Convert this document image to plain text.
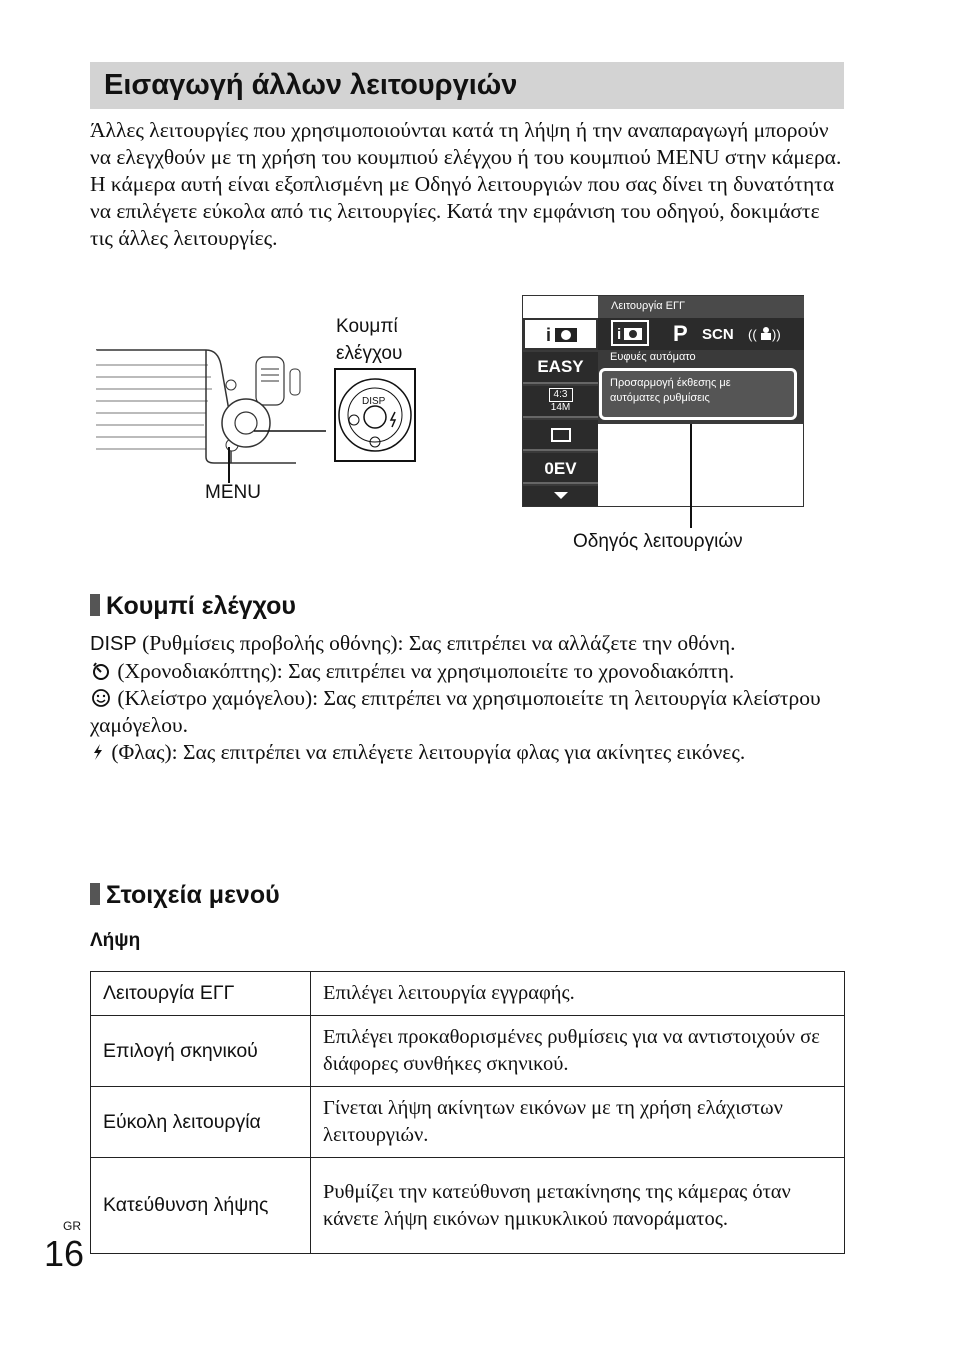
Εισαγωγή άλλων λειτουργιών

Άλλες λειτουργίες που χρησιμοποιούνται κατά τη λήψη ή την αναπαραγωγή μπορούν να ελεγχθούν με τη χρήση του κουμπιού ελέγχου ή του κουμπιού MENU στην κάμερα. Η κάμερα αυτή είναι εξοπλισμένη με Οδηγό λειτουργιών που σας δίνει τη δυνατότητα να επιλέγετε εύκολα από τις λειτουργίες. Κατά την εμφάνιση του οδηγού, δοκιμάστε τις άλλες λειτουργίες.

DISP
Κουμπί
ελέγχου
MENU
Λειτουργία ΕΓΓ
i P SCN (( ))
Ευφυές αυτόματο
Προσαρμογή έκθεσης με
αυτόματες ρυθμίσεις
i
EASY
4:3
14M
0EV
Οδηγός λειτουργιών
Κουμπί ελέγχου
DISP (Ρυθμίσεις προβολής οθόνης): Σας επιτρέπει να αλλάζετε την οθόνη.
(Χρονοδιακόπτης): Σας επιτρέπει να χρησιμοποιείτε το χρονοδιακόπτη.
(Κλείστρο χαμόγελου): Σας επιτρέπει να χρησιμοποιείτε τη λειτουργία κλείστρου χαμόγελου.
(Φλας): Σας επιτρέπει να επιλέγετε λειτουργία φλας για ακίνητες εικόνες.
Στοιχεία μενού
Λήψη
Λειτουργία ΕΓΓ	Επιλέγει λειτουργία εγγραφής.
Επιλογή σκηνικού	Επιλέγει προκαθορισμένες ρυθμίσεις για να αντιστοιχούν σε διάφορες συνθήκες σκηνικού.
Εύκολη λειτουργία	Γίνεται λήψη ακίνητων εικόνων με τη χρήση ελάχιστων λειτουργιών.
Κατεύθυνση λήψης	Ρυθμίζει την κατεύθυνση μετακίνησης της κάμερας όταν κάνετε λήψη εικόνων ημικυκλικού πανοράματος.
GR
16
